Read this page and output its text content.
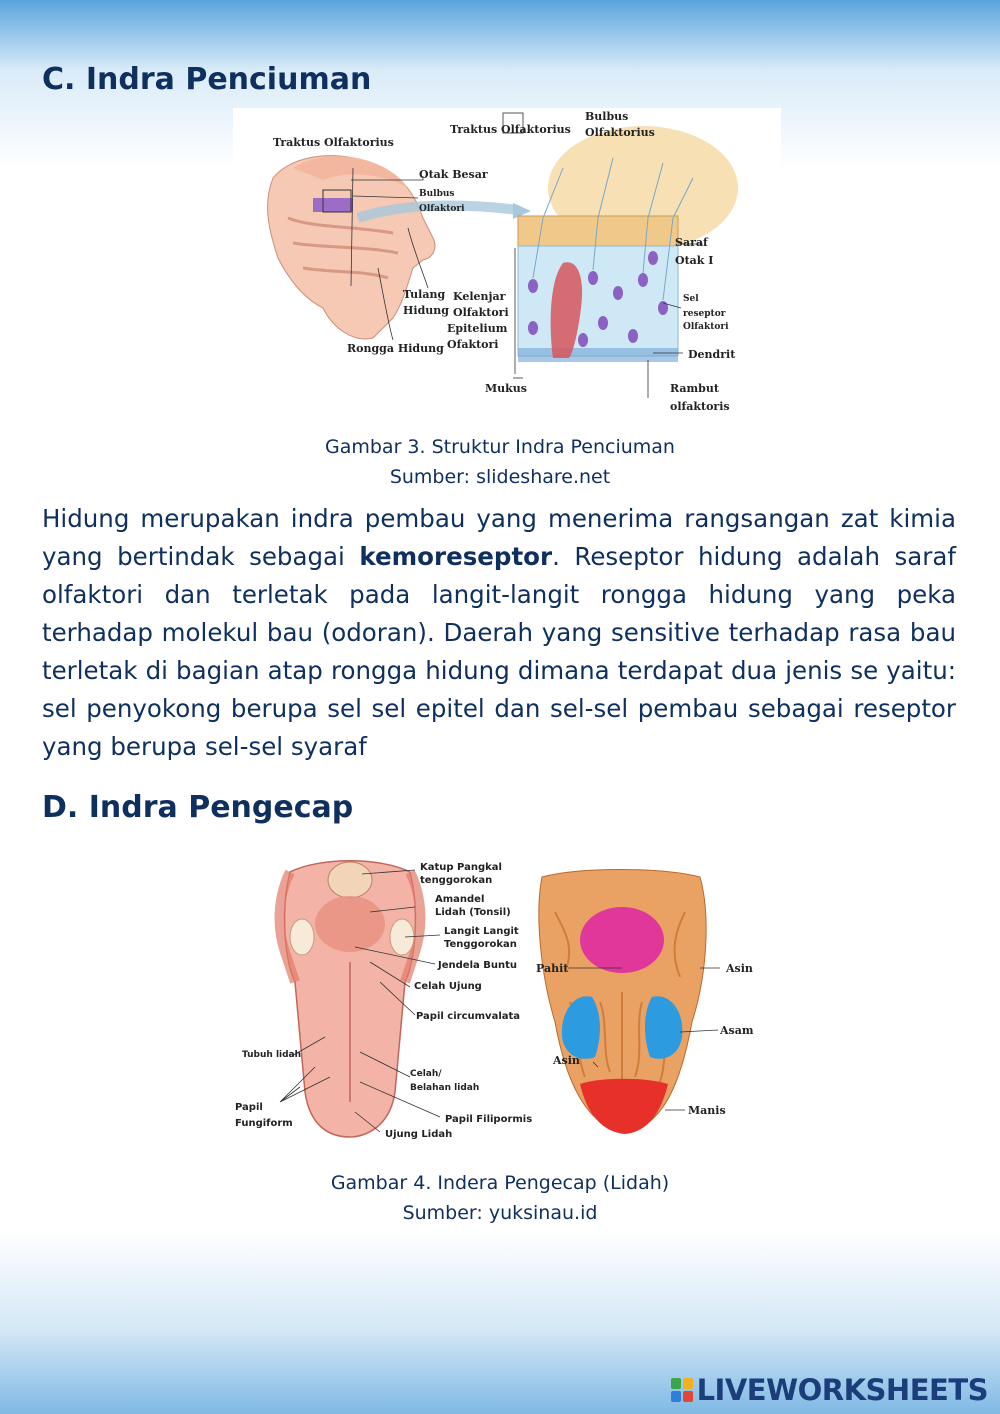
C. Indra Penciuman
Traktus Olfaktorius
Traktus Olfaktorius
Bulbus
Olfaktorius
Otak Besar
Bulbus
Olfaktori
Saraf
Otak I
Tulang
Hidung
Kelenjar
Olfaktori
Epitelium
Ofaktori
Sel
reseptor
Olfaktori
Rongga Hidung	Dendrit
Mukus	Rambut
olfaktoris
Gambar 3. Struktur Indra Penciuman
Sumber: slideshare.net

Hidung merupakan indra pembau yang menerima rangsangan zat kimia yang bertindak sebagai kemoreseptor. Reseptor hidung adalah saraf olfaktori dan terletak pada langit-langit rongga hidung yang peka terhadap molekul bau (odoran). Daerah yang sensitive terhadap rasa bau terletak di bagian atap rongga hidung dimana terdapat dua jenis se yaitu: sel penyokong berupa sel sel epitel dan sel-sel pembau sebagai reseptor yang berupa sel-sel syaraf

D. Indra Pengecap
Katup Pangkal
tenggorokan
Amandel
Lidah (Tonsil)
Langit Langit
Tenggorokan
Jendela Buntu
Celah Ujung
Papil circumvalata
Tubuh lidah
Celah/
Belahan lidah
Papil
Fungiform	Papil Filipormis
Ujung Lidah
Pahit	Asin
Asam
Asin
Manis
Gambar 4. Indera Pengecap (Lidah)
Sumber: yuksinau.id
LIVEWORKSHEETS
